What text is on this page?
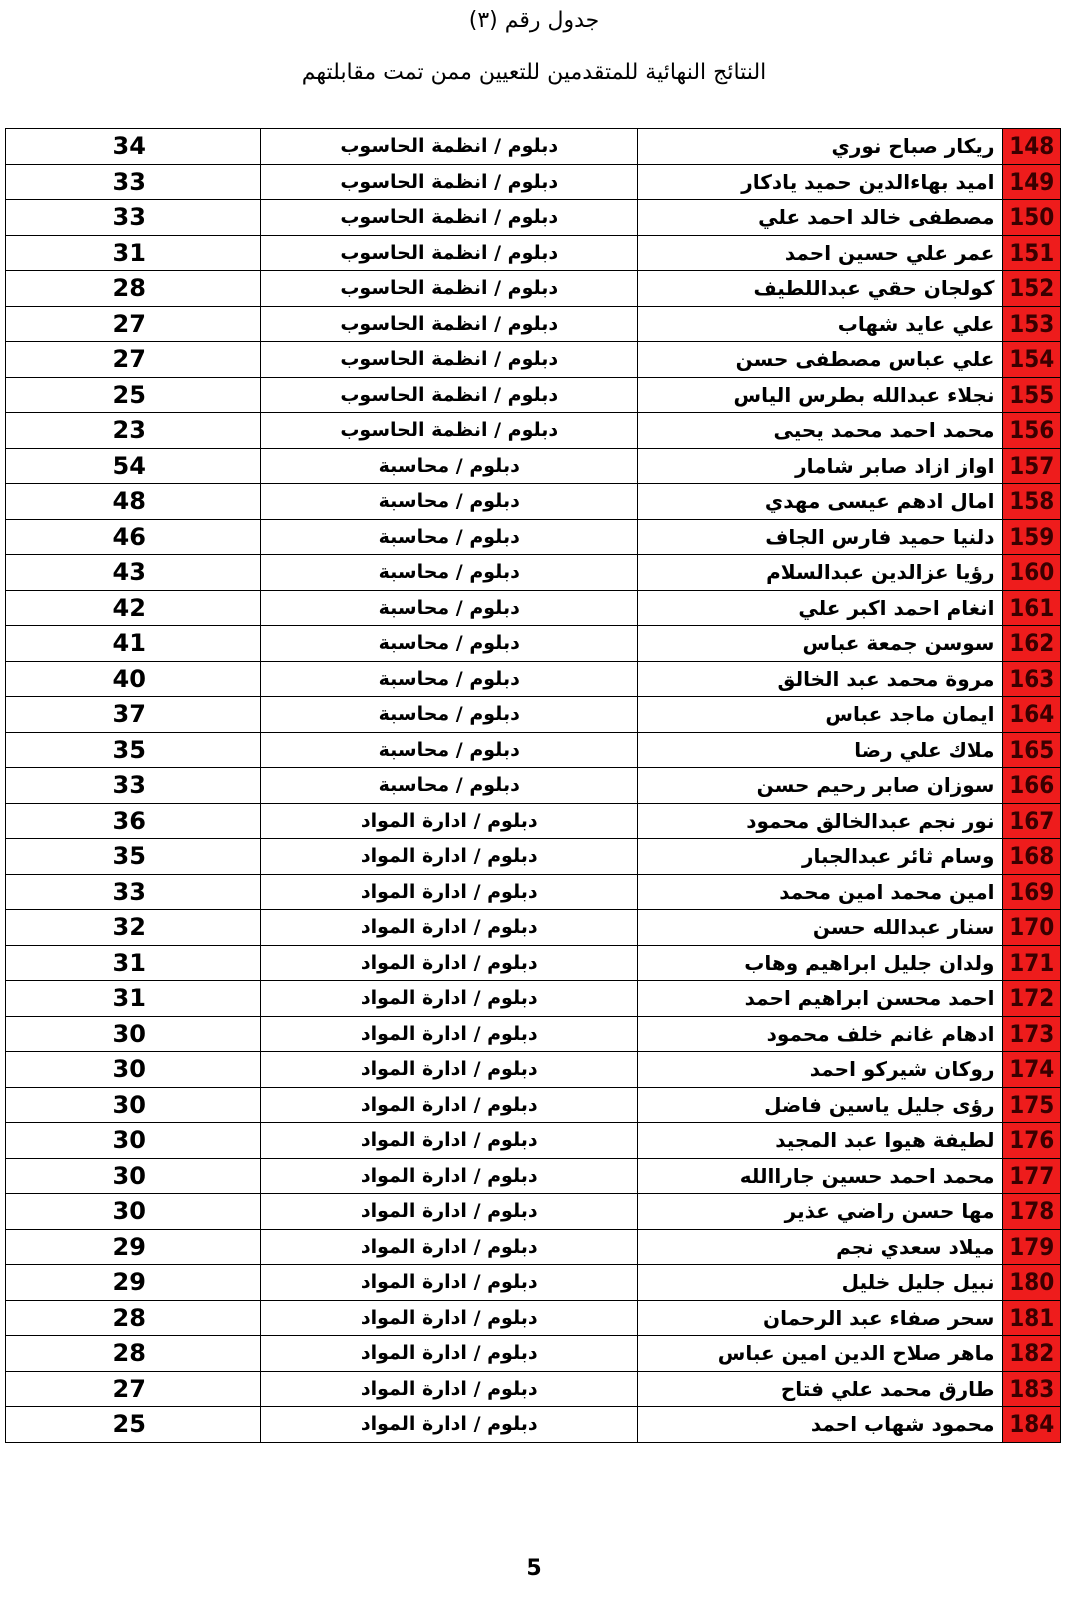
جدول رقم (٣)
النتائج النهائية للمتقدمين للتعيين ممن تمت مقابلتهم
148	ريكار صباح نوري	دبلوم / انظمة الحاسوب	34
149	اميد بهاءالدين حميد يادكار	دبلوم / انظمة الحاسوب	33
150	مصطفى خالد احمد علي	دبلوم / انظمة الحاسوب	33
151	عمر علي حسين احمد	دبلوم / انظمة الحاسوب	31
152	كولجان حقي عبداللطيف	دبلوم / انظمة الحاسوب	28
153	علي عايد شهاب	دبلوم / انظمة الحاسوب	27
154	علي عباس مصطفى حسن	دبلوم / انظمة الحاسوب	27
155	نجلاء عبدالله بطرس الياس	دبلوم / انظمة الحاسوب	25
156	محمد احمد محمد يحيى	دبلوم / انظمة الحاسوب	23
157	اواز ازاد صابر شامار	دبلوم / محاسبة	54
158	امال ادهم عيسى مهدي	دبلوم / محاسبة	48
159	دلنيا حميد فارس الجاف	دبلوم / محاسبة	46
160	رؤيا عزالدين عبدالسلام	دبلوم / محاسبة	43
161	انغام احمد اكبر علي	دبلوم / محاسبة	42
162	سوسن جمعة عباس	دبلوم / محاسبة	41
163	مروة محمد عبد الخالق	دبلوم / محاسبة	40
164	ايمان ماجد عباس	دبلوم / محاسبة	37
165	ملاك علي رضا	دبلوم / محاسبة	35
166	سوزان صابر رحيم حسن	دبلوم / محاسبة	33
167	نور نجم عبدالخالق محمود	دبلوم / ادارة المواد	36
168	وسام ثائر عبدالجبار	دبلوم / ادارة المواد	35
169	امين محمد امين محمد	دبلوم / ادارة المواد	33
170	سنار عبدالله حسن	دبلوم / ادارة المواد	32
171	ولدان جليل ابراهيم وهاب	دبلوم / ادارة المواد	31
172	احمد محسن ابراهيم احمد	دبلوم / ادارة المواد	31
173	ادهام غانم خلف محمود	دبلوم / ادارة المواد	30
174	روكان شيركو احمد	دبلوم / ادارة المواد	30
175	رؤى جليل ياسين فاضل	دبلوم / ادارة المواد	30
176	لطيفة هيوا عبد المجيد	دبلوم / ادارة المواد	30
177	محمد احمد حسين جاراالله	دبلوم / ادارة المواد	30
178	مها حسن راضي عذير	دبلوم / ادارة المواد	30
179	ميلاد سعدي نجم	دبلوم / ادارة المواد	29
180	نبيل جليل خليل	دبلوم / ادارة المواد	29
181	سحر صفاء عبد الرحمان	دبلوم / ادارة المواد	28
182	ماهر صلاح الدين امين عباس	دبلوم / ادارة المواد	28
183	طارق محمد علي فتاح	دبلوم / ادارة المواد	27
184	محمود شهاب احمد	دبلوم / ادارة المواد	25
5
